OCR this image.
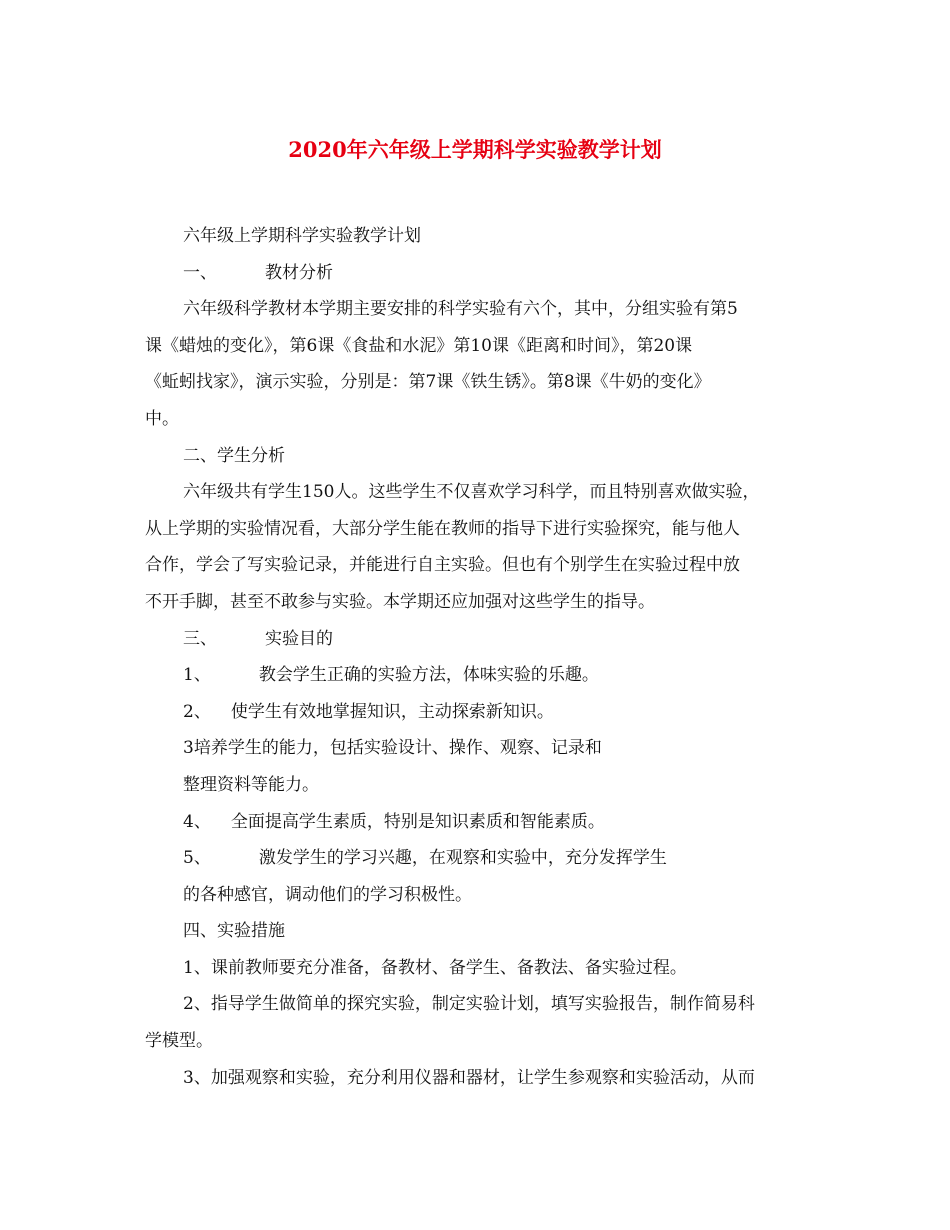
2020年六年级上学期科学实验教学计划

六年级上学期科学实验教学计划

一、	教材分析

六年级科学教材本学期主要安排的科学实验有六个，其中，分组实验有第5

课《蜡烛的变化》，第6课《食盐和水泥》第10课《距离和时间》，第20课

《蚯蚓找家》，演示实验，分别是：第7课《铁生锈》。第8课《牛奶的变化》

中。

二、学生分析

六年级共有学生150人。这些学生不仅喜欢学习科学，而且特别喜欢做实验，

从上学期的实验情况看，大部分学生能在教师的指导下进行实验探究，能与他人

合作，学会了写实验记录，并能进行自主实验。但也有个别学生在实验过程中放

不开手脚，甚至不敢参与实验。本学期还应加强对这些学生的指导。

三、	实验目的

1、	教会学生正确的实验方法，体味实验的乐趣。

2、 使学生有效地掌握知识，主动探索新知识。

3培养学生的能力，包括实验设计、操作、观察、记录和

整理资料等能力。

4、 全面提高学生素质，特别是知识素质和智能素质。

5、	激发学生的学习兴趣，在观察和实验中，充分发挥学生

的各种感官，调动他们的学习积极性。

四、实验措施

1、课前教师要充分准备，备教材、备学生、备教法、备实验过程。

2、指导学生做简单的探究实验，制定实验计划，填写实验报告，制作简易科

学模型。

3、加强观察和实验，充分利用仪器和器材，让学生参观察和实验活动，从而
